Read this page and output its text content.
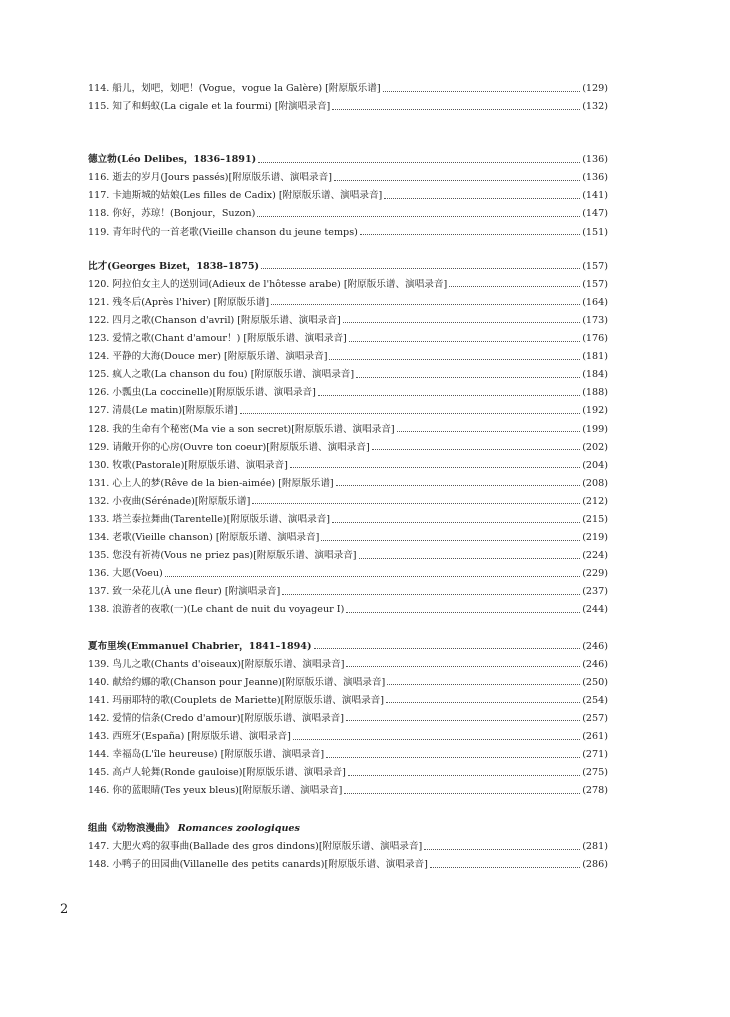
114. 船儿，划吧，划吧！(Vogue，vogue la Galère) [附原版乐谱]	(129)
115. 知了和蚂蚁(La cigale et la fourmi) [附演唱录音]	(132)
德立勃(Léo Delibes，1836–1891)	(136)
116. 逝去的岁月(Jours passés)[附原版乐谱、演唱录音]	(136)
117. 卡迪斯城的姑娘(Les filles de Cadix) [附原版乐谱、演唱录音]	(141)
118. 你好，苏琼！(Bonjour，Suzon)	(147)
119. 青年时代的一首老歌(Vieille chanson du jeune temps)	(151)
比才(Georges Bizet，1838–1875)	(157)
120. 阿拉伯女主人的送别词(Adieux de l'hôtesse arabe) [附原版乐谱、演唱录音]	(157)
121. 残冬后(Après l'hiver) [附原版乐谱]	(164)
122. 四月之歌(Chanson d'avril) [附原版乐谱、演唱录音]	(173)
123. 爱情之歌(Chant d'amour！) [附原版乐谱、演唱录音]	(176)
124. 平静的大海(Douce mer) [附原版乐谱、演唱录音]	(181)
125. 疯人之歌(La chanson du fou) [附原版乐谱、演唱录音]	(184)
126. 小瓢虫(La coccinelle)[附原版乐谱、演唱录音]	(188)
127. 清晨(Le matin)[附原版乐谱]	(192)
128. 我的生命有个秘密(Ma vie a son secret)[附原版乐谱、演唱录音]	(199)
129. 请敞开你的心房(Ouvre ton coeur)[附原版乐谱、演唱录音]	(202)
130. 牧歌(Pastorale)[附原版乐谱、演唱录音]	(204)
131. 心上人的梦(Rêve de la bien-aimée) [附原版乐谱]	(208)
132. 小夜曲(Sérénade)[附原版乐谱]	(212)
133. 塔兰泰拉舞曲(Tarentelle)[附原版乐谱、演唱录音]	(215)
134. 老歌(Vieille chanson) [附原版乐谱、演唱录音]	(219)
135. 您没有祈祷(Vous ne priez pas)[附原版乐谱、演唱录音]	(224)
136. 大愿(Voeu)	(229)
137. 致一朵花儿(À une fleur) [附演唱录音]	(237)
138. 浪游者的夜歌(一)(Le chant de nuit du voyageur I)	(244)
夏布里埃(Emmanuel Chabrier，1841–1894)	(246)
139. 鸟儿之歌(Chants d'oiseaux)[附原版乐谱、演唱录音]	(246)
140. 献给约娜的歌(Chanson pour Jeanne)[附原版乐谱、演唱录音]	(250)
141. 玛丽耶特的歌(Couplets de Mariette)[附原版乐谱、演唱录音]	(254)
142. 爱情的信条(Credo d'amour)[附原版乐谱、演唱录音]	(257)
143. 西班牙(España) [附原版乐谱、演唱录音]	(261)
144. 幸福岛(L'île heureuse) [附原版乐谱、演唱录音]	(271)
145. 高卢人轮舞(Ronde gauloise)[附原版乐谱、演唱录音]	(275)
146. 你的蓝眼睛(Tes yeux bleus)[附原版乐谱、演唱录音]	(278)
组曲《动物浪漫曲》 Romances zoologiques
147. 大肥火鸡的叙事曲(Ballade des gros dindons)[附原版乐谱、演唱录音]	(281)
148. 小鸭子的田园曲(Villanelle des petits canards)[附原版乐谱、演唱录音]	(286)
2
